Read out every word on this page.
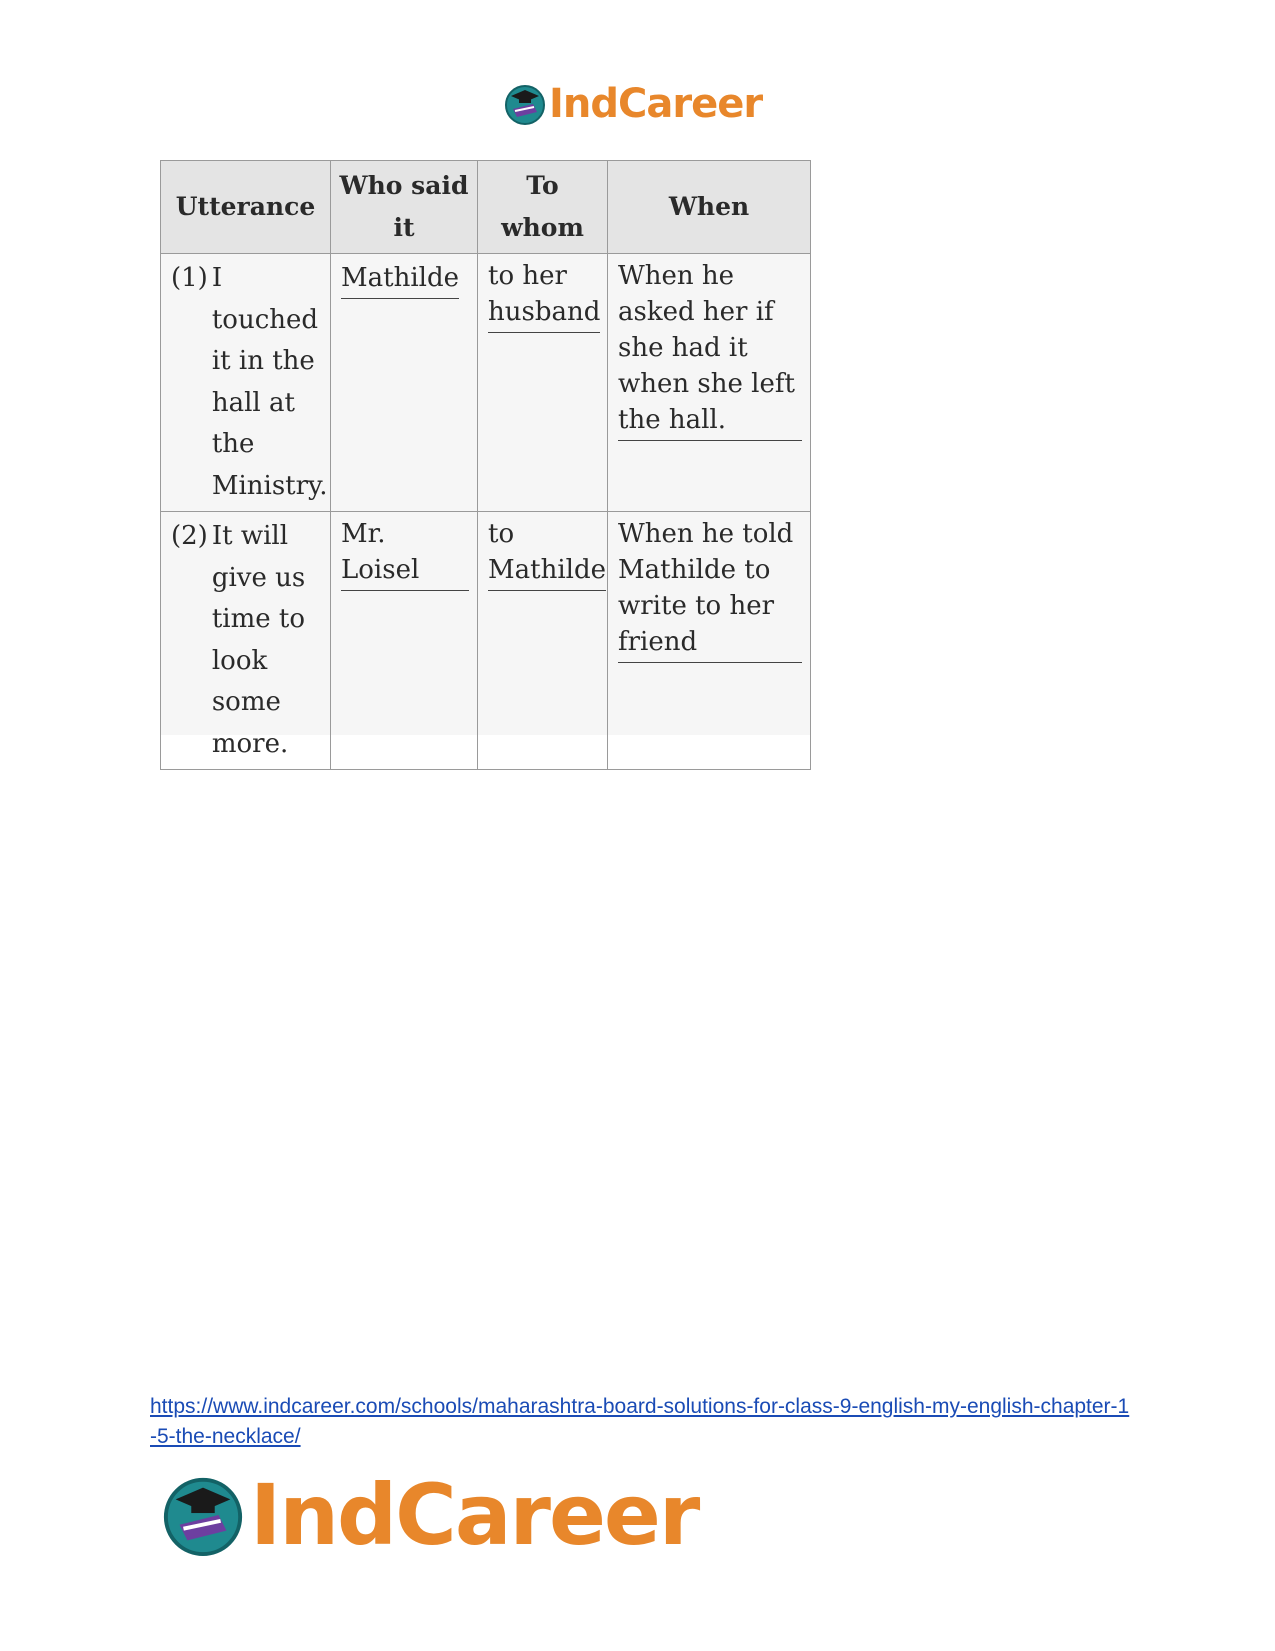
IndCareer
Utterance	Who said it	To whom	When

(1) I touched it in the hall at the Ministry.	Mathilde	to her husband	When he asked her if she had it when she left the hall.

(2) It will give us time to look some more.	Mr. Loisel	to Mathilde	When he told Mathilde to write to her friend
https://www.indcareer.com/schools/maharashtra-board-solutions-for-class-9-english-my-english-chapter-1-5-the-necklace/
IndCareer
